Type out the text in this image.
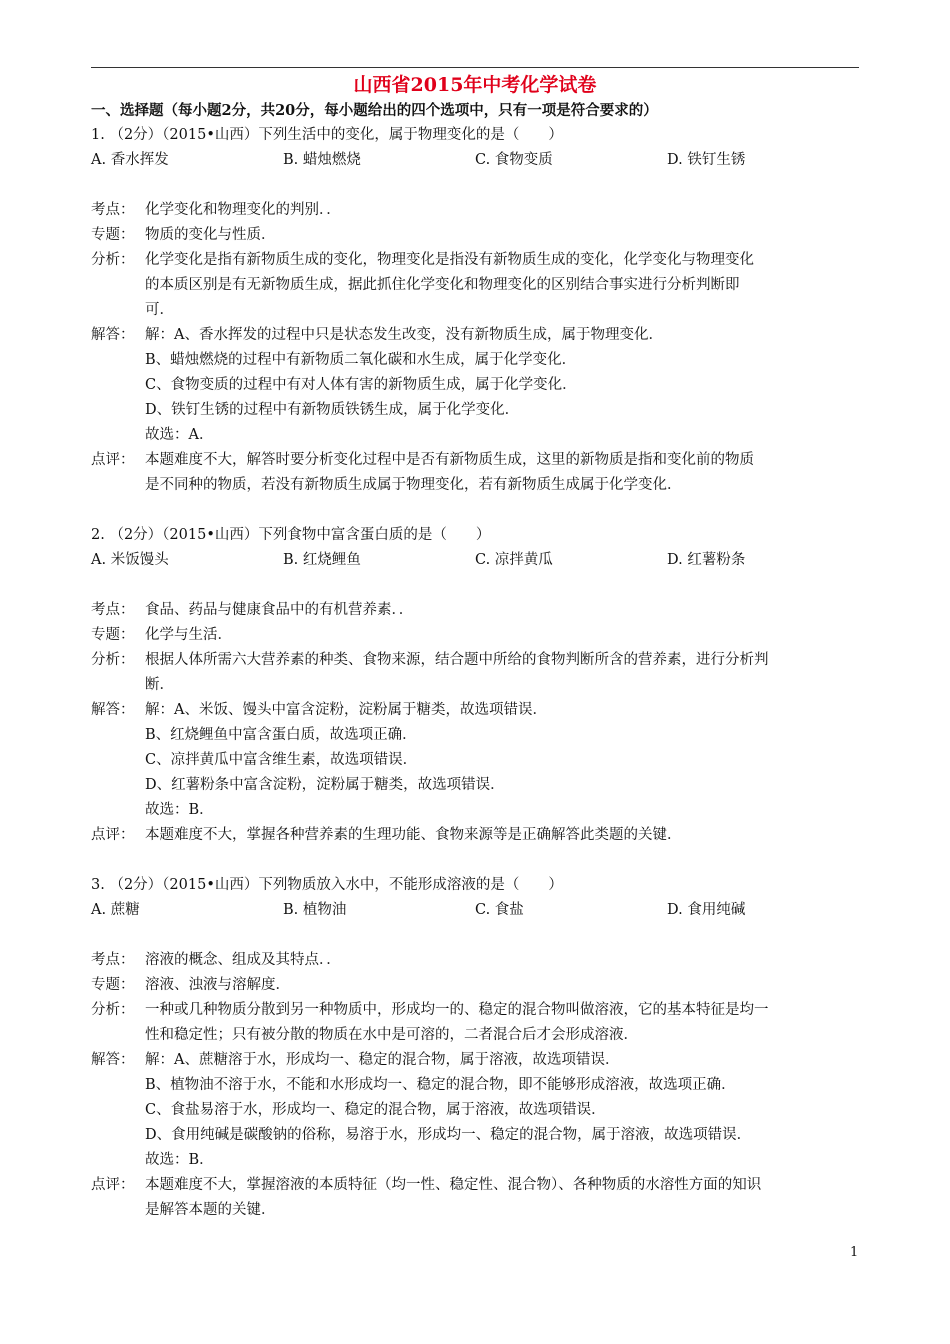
山西省2015年中考化学试卷
一、选择题（每小题2分，共20分，每小题给出的四个选项中，只有一项是符合要求的）
1. （2分）（2015•山西）下列生活中的变化，属于物理变化的是（　　）
A. 香水挥发	B. 蜡烛燃烧	C. 食物变质	D. 铁钉生锈
考点： 化学变化和物理变化的判别．．
专题： 物质的变化与性质．
分析： 化学变化是指有新物质生成的变化，物理变化是指没有新物质生成的变化，化学变化与物理变化
的本质区别是有无新物质生成，据此抓住化学变化和物理变化的区别结合事实进行分析判断即
可．
解答： 解：A、香水挥发的过程中只是状态发生改变，没有新物质生成，属于物理变化．
B、蜡烛燃烧的过程中有新物质二氧化碳和水生成，属于化学变化．
C、食物变质的过程中有对人体有害的新物质生成，属于化学变化．
D、铁钉生锈的过程中有新物质铁锈生成，属于化学变化．
故选：A．
点评： 本题难度不大，解答时要分析变化过程中是否有新物质生成，这里的新物质是指和变化前的物质
是不同种的物质，若没有新物质生成属于物理变化，若有新物质生成属于化学变化．
2. （2分）（2015•山西）下列食物中富含蛋白质的是（　　）
A. 米饭馒头	B. 红烧鲤鱼	C. 凉拌黄瓜	D. 红薯粉条
考点： 食品、药品与健康食品中的有机营养素．．
专题： 化学与生活．
分析： 根据人体所需六大营养素的种类、食物来源，结合题中所给的食物判断所含的营养素，进行分析判
断．
解答： 解：A、米饭、馒头中富含淀粉，淀粉属于糖类，故选项错误．
B、红烧鲤鱼中富含蛋白质，故选项正确．
C、凉拌黄瓜中富含维生素，故选项错误．
D、红薯粉条中富含淀粉，淀粉属于糖类，故选项错误．
故选：B．
点评： 本题难度不大，掌握各种营养素的生理功能、食物来源等是正确解答此类题的关键．
3. （2分）（2015•山西）下列物质放入水中，不能形成溶液的是（　　）
A. 蔗糖	B. 植物油	C. 食盐	D. 食用纯碱
考点： 溶液的概念、组成及其特点．．
专题： 溶液、浊液与溶解度．
分析： 一种或几种物质分散到另一种物质中，形成均一的、稳定的混合物叫做溶液，它的基本特征是均一
性和稳定性；只有被分散的物质在水中是可溶的，二者混合后才会形成溶液．
解答： 解：A、蔗糖溶于水，形成均一、稳定的混合物，属于溶液，故选项错误．
B、植物油不溶于水，不能和水形成均一、稳定的混合物，即不能够形成溶液，故选项正确．
C、食盐易溶于水，形成均一、稳定的混合物，属于溶液，故选项错误．
D、食用纯碱是碳酸钠的俗称，易溶于水，形成均一、稳定的混合物，属于溶液，故选项错误．
故选：B．
点评： 本题难度不大，掌握溶液的本质特征（均一性、稳定性、混合物）、各种物质的水溶性方面的知识
是解答本题的关键．
1
